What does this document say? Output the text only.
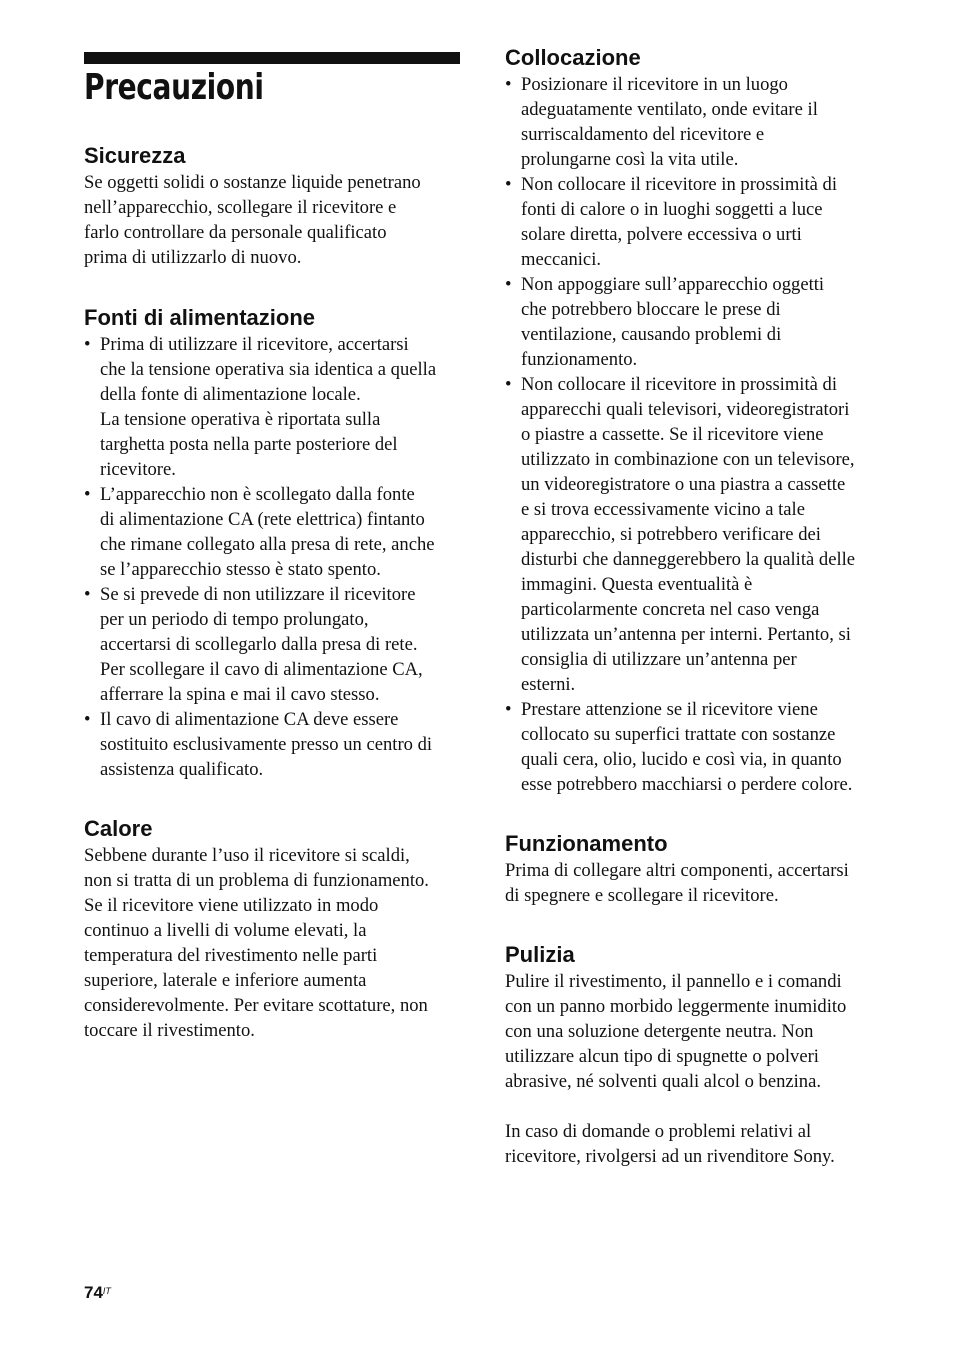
Precauzioni
Sicurezza

Se oggetti solidi o sostanze liquide penetrano
nell’apparecchio, scollegare il ricevitore e
farlo controllare da personale qualificato
prima di utilizzarlo di nuovo.

Fonti di alimentazione
• Prima di utilizzare il ricevitore, accertarsi
che la tensione operativa sia identica a quella
della fonte di alimentazione locale.
La tensione operativa è riportata sulla
targhetta posta nella parte posteriore del
ricevitore.
• L’apparecchio non è scollegato dalla fonte
di alimentazione CA (rete elettrica) fintanto
che rimane collegato alla presa di rete, anche
se l’apparecchio stesso è stato spento.
• Se si prevede di non utilizzare il ricevitore
per un periodo di tempo prolungato,
accertarsi di scollegarlo dalla presa di rete.
Per scollegare il cavo di alimentazione CA,
afferrare la spina e mai il cavo stesso.
• Il cavo di alimentazione CA deve essere
sostituito esclusivamente presso un centro di
assistenza qualificato.
Calore

Sebbene durante l’uso il ricevitore si scaldi,
non si tratta di un problema di funzionamento.
Se il ricevitore viene utilizzato in modo
continuo a livelli di volume elevati, la
temperatura del rivestimento nelle parti
superiore, laterale e inferiore aumenta
considerevolmente. Per evitare scottature, non
toccare il rivestimento.

Collocazione
• Posizionare il ricevitore in un luogo
adeguatamente ventilato, onde evitare il
surriscaldamento del ricevitore e
prolungarne così la vita utile.
• Non collocare il ricevitore in prossimità di
fonti di calore o in luoghi soggetti a luce
solare diretta, polvere eccessiva o urti
meccanici.
• Non appoggiare sull’apparecchio oggetti
che potrebbero bloccare le prese di
ventilazione, causando problemi di
funzionamento.
• Non collocare il ricevitore in prossimità di
apparecchi quali televisori, videoregistratori
o piastre a cassette. Se il ricevitore viene
utilizzato in combinazione con un televisore,
un videoregistratore o una piastra a cassette
e si trova eccessivamente vicino a tale
apparecchio, si potrebbero verificare dei
disturbi che danneggerebbero la qualità delle
immagini. Questa eventualità è
particolarmente concreta nel caso venga
utilizzata un’antenna per interni. Pertanto, si
consiglia di utilizzare un’antenna per
esterni.
• Prestare attenzione se il ricevitore viene
collocato su superfici trattate con sostanze
quali cera, olio, lucido e così via, in quanto
esse potrebbero macchiarsi o perdere colore.
Funzionamento

Prima di collegare altri componenti, accertarsi
di spegnere e scollegare il ricevitore.

Pulizia

Pulire il rivestimento, il pannello e i comandi
con un panno morbido leggermente inumidito
con una soluzione detergente neutra. Non
utilizzare alcun tipo di spugnette o polveri
abrasive, né solventi quali alcol o benzina.

In caso di domande o problemi relativi al
ricevitore, rivolgersi ad un rivenditore Sony.

$74^{IT}$
